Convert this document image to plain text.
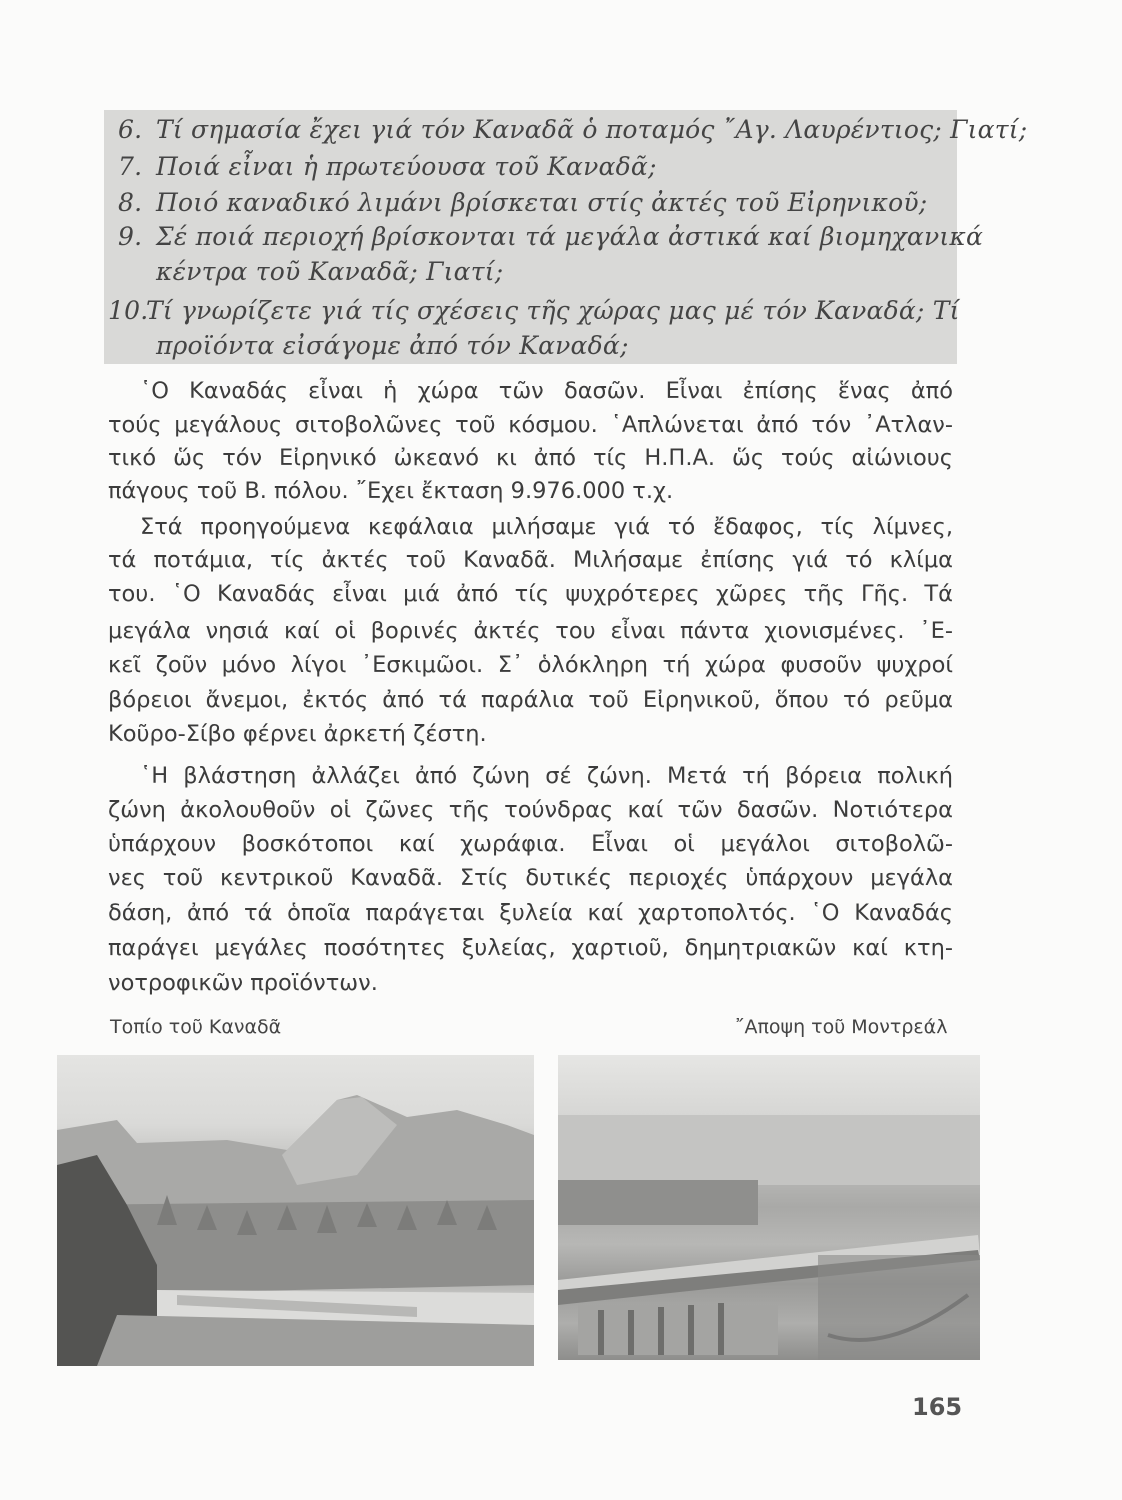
6. Τί σημασία ἔχει γιά τόν Καναδᾶ ὁ ποταμός ῎Αγ. Λαυρέντιος; Γιατί;
7. Ποιά εἶναι ἡ πρωτεύουσα τοῦ Καναδᾶ;
8. Ποιό καναδικό λιμάνι βρίσκεται στίς ἀκτές τοῦ Εἰρηνικοῦ;
9. Σέ ποιά περιοχή βρίσκονται τά μεγάλα ἀστικά καί βιομηχανικά
κέντρα τοῦ Καναδᾶ; Γιατί;
10.Τί γνωρίζετε γιά τίς σχέσεις τῆς χώρας μας μέ τόν Καναδά; Τί
προϊόντα εἰσάγομε ἀπό τόν Καναδά;
῾Ο Καναδάς εἶναι ἡ χώρα τῶν δασῶν. Εἶναι ἐπίσης ἕνας ἀπό
τούς μεγάλους σιτοβολῶνες τοῦ κόσμου. ῾Απλώνεται ἀπό τόν ᾿Ατλαν-
τικό ὥς τόν Εἰρηνικό ὠκεανό κι ἀπό τίς Η.Π.Α. ὥς τούς αἰώνιους
πάγους τοῦ Β. πόλου. ῎Εχει ἔκταση 9.976.000 τ.χ.
Στά προηγούμενα κεφάλαια μιλήσαμε γιά τό ἔδαφος, τίς λίμνες,
τά ποτάμια, τίς ἀκτές τοῦ Καναδᾶ. Μιλήσαμε ἐπίσης γιά τό κλίμα
του. ῾Ο Καναδάς εἶναι μιά ἀπό τίς ψυχρότερες χῶρες τῆς Γῆς. Τά
μεγάλα νησιά καί οἱ βορινές ἀκτές του εἶναι πάντα χιονισμένες. ᾿Ε-
κεῖ ζοῦν μόνο λίγοι ᾿Εσκιμῶοι. Σ᾿ ὁλόκληρη τή χώρα φυσοῦν ψυχροί
βόρειοι ἄνεμοι, ἐκτός ἀπό τά παράλια τοῦ Εἰρηνικοῦ, ὅπου τό ρεῦμα
Κοῦρο-Σίβο φέρνει ἀρκετή ζέστη.
῾Η βλάστηση ἀλλάζει ἀπό ζώνη σέ ζώνη. Μετά τή βόρεια πολική
ζώνη ἀκολουθοῦν οἱ ζῶνες τῆς τούνδρας καί τῶν δασῶν. Νοτιότερα
ὑπάρχουν βοσκότοποι καί χωράφια. Εἶναι οἱ μεγάλοι σιτοβολῶ-
νες τοῦ κεντρικοῦ Καναδᾶ. Στίς δυτικές περιοχές ὑπάρχουν μεγάλα
δάση, ἀπό τά ὁποῖα παράγεται ξυλεία καί χαρτοπολτός. ῾Ο Καναδάς
παράγει μεγάλες ποσότητες ξυλείας, χαρτιοῦ, δημητριακῶν καί κτη-
νοτροφικῶν προϊόντων.
Τοπίο τοῦ Καναδᾶ	῎Αποψη τοῦ Μοντρεάλ
165
